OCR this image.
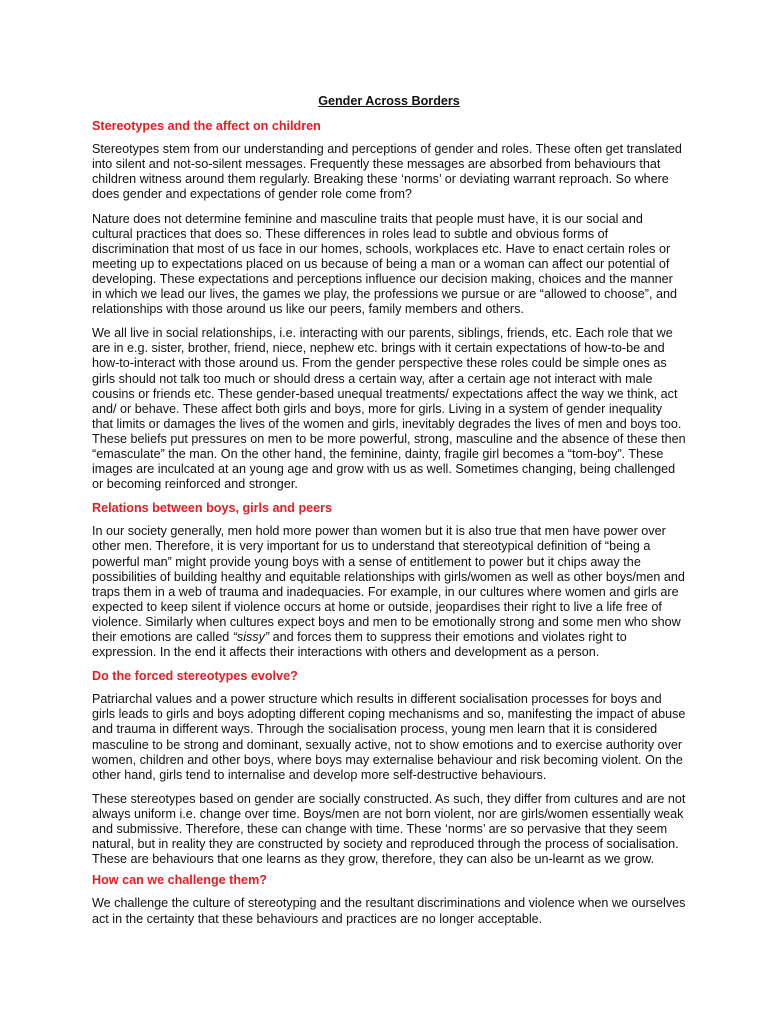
Gender Across Borders
Stereotypes and the affect on children

Stereotypes stem from our understanding and perceptions of gender and roles. These often get translated into silent and not-so-silent messages. Frequently these messages are absorbed from behaviours that children witness around them regularly. Breaking these ‘norms’ or deviating warrant reproach. So where does gender and expectations of gender role come from?

Nature does not determine feminine and masculine traits that people must have, it is our social and cultural practices that does so. These differences in roles lead to subtle and obvious forms of discrimination that most of us face in our homes, schools, workplaces etc. Have to enact certain roles or meeting up to expectations placed on us because of being a man or a woman can affect our potential of developing. These expectations and perceptions influence our decision making, choices and the manner in which we lead our lives, the games we play, the professions we pursue or are “allowed to choose”, and relationships with those around us like our peers, family members and others.

We all live in social relationships, i.e. interacting with our parents, siblings, friends, etc. Each role that we are in e.g. sister, brother, friend, niece, nephew etc. brings with it certain expectations of how-to-be and how-to-interact with those around us. From the gender perspective these roles could be simple ones as girls should not talk too much or should dress a certain way, after a certain age not interact with male cousins or friends etc. These gender-based unequal treatments/ expectations affect the way we think, act and/ or behave. These affect both girls and boys, more for girls. Living in a system of gender inequality that limits or damages the lives of the women and girls, inevitably degrades the lives of men and boys too. These beliefs put pressures on men to be more powerful, strong, masculine and the absence of these then “emasculate” the man. On the other hand, the feminine, dainty, fragile girl becomes a “tom-boy”. These images are inculcated at an young age and grow with us as well. Sometimes changing, being challenged or becoming reinforced and stronger.

Relations between boys, girls and peers

In our society generally, men hold more power than women but it is also true that men have power over other men. Therefore, it is very important for us to understand that stereotypical definition of “being a powerful man” might provide young boys with a sense of entitlement to power but it chips away the possibilities of building healthy and equitable relationships with girls/women as well as other boys/men and traps them in a web of trauma and inadequacies. For example, in our cultures where women and girls are expected to keep silent if violence occurs at home or outside, jeopardises their right to live a life free of violence. Similarly when cultures expect boys and men to be emotionally strong and some men who show their emotions are called “sissy” and forces them to suppress their emotions and violates right to expression. In the end it affects their interactions with others and development as a person.

Do the forced stereotypes evolve?

Patriarchal values and a power structure which results in different socialisation processes for boys and girls leads to girls and boys adopting different coping mechanisms and so, manifesting the impact of abuse and trauma in different ways. Through the socialisation process, young men learn that it is considered masculine to be strong and dominant, sexually active, not to show emotions and to exercise authority over women, children and other boys, where boys may externalise behaviour and risk becoming violent. On the other hand, girls tend to internalise and develop more self-destructive behaviours.

These stereotypes based on gender are socially constructed. As such, they differ from cultures and are not always uniform i.e. change over time. Boys/men are not born violent, nor are girls/women essentially weak and submissive. Therefore, these can change with time. These ‘norms’ are so pervasive that they seem natural, but in reality they are constructed by society and reproduced through the process of socialisation. These are behaviours that one learns as they grow, therefore, they can also be un-learnt as we grow.

How can we challenge them?

We challenge the culture of stereotyping and the resultant discriminations and violence when we ourselves act in the certainty that these behaviours and practices are no longer acceptable.
